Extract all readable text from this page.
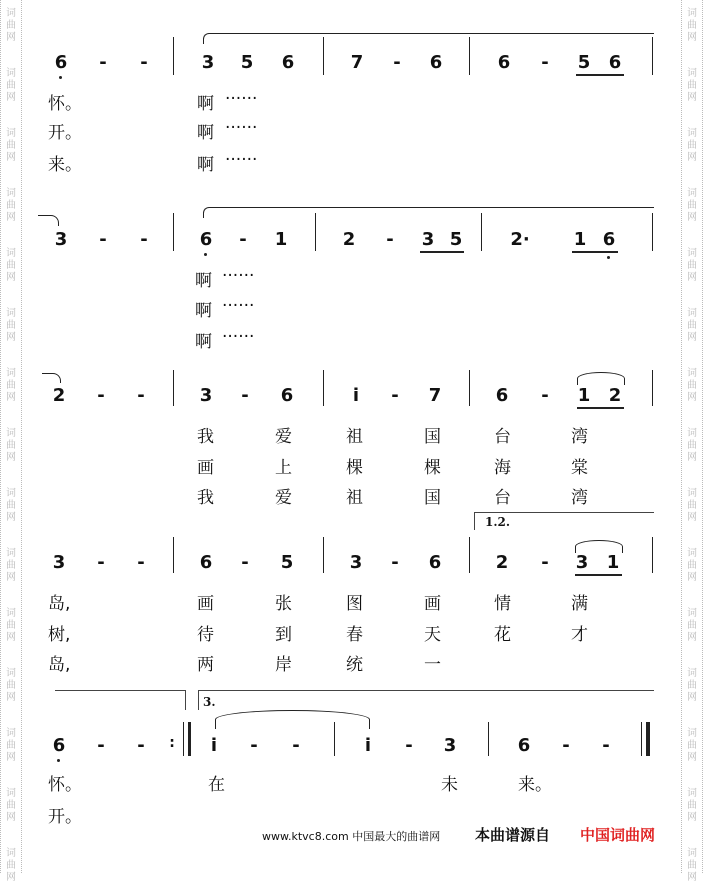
词
曲
网
词
曲
网
词
曲
网
词
曲
网
词
曲
网
词
曲
网
词
曲
网
词
曲
网
词
曲
网
词
曲
网
词
曲
网
词
曲
网
词
曲
网
词
曲
网
词
曲
网
词
曲
网
词
曲
网
词
曲
网
词
曲
网
词
曲
网
词
曲
网
词
曲
网
词
曲
网
词
曲
网
词
曲
网
词
曲
网
词
曲
网
词
曲
网
词
曲
网
词
曲
网
6 - -	3 5 6	7 - 6	6 - 5 6
怀。	啊 ······
开。	啊 ······
来。	啊 ······
3 - -	6 - 1	2 - 3 5	2· 1 6
啊 ······
啊 ······
啊 ······
2 - -	3 - 6	i - 7	6 - 1 2
我	爱	祖	国	台	湾
画	上	棵	棵	海	棠
我	爱	祖	国	台	湾
1.2.
3 - -	6 - 5	3 - 6	2 - 3 1
岛,	画	张	图	画	情	满
树,	待	到	春	天	花	才
岛,	两	岸	统	一
3.
6 - - : i - -	i - 3	6 - -
怀。	在	未	来。
开。
www.ktvc8.com 中国最大的曲谱网 本曲谱源自 中国词曲网
